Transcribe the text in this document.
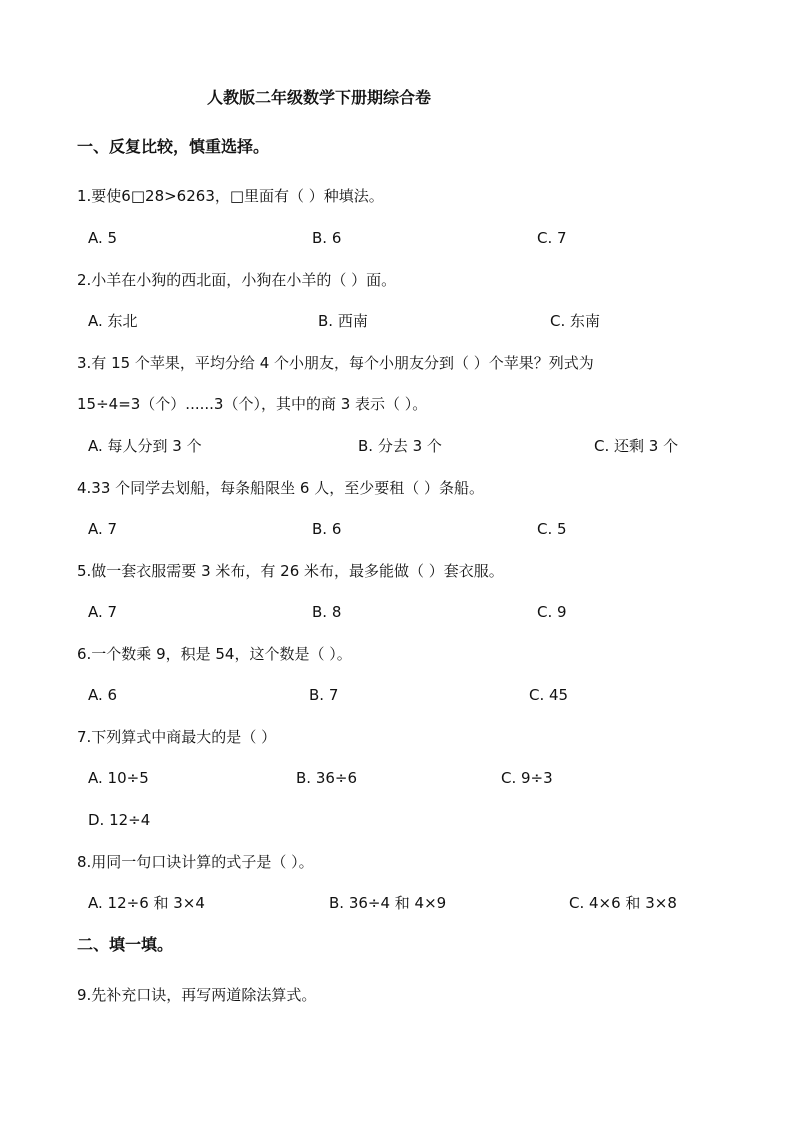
人教版二年级数学下册期综合卷
一、反复比较，慎重选择。
1.要使6□28>6263，□里面有（ ）种填法。
A. 5	B. 6	C. 7
2.小羊在小狗的西北面，小狗在小羊的（ ）面。
A. 东北	B. 西南	C. 东南
3.有 15 个苹果，平均分给 4 个小朋友，每个小朋友分到（ ）个苹果？列式为
15÷4=3（个）......3（个），其中的商 3 表示（ ）。
A. 每人分到 3 个	B. 分去 3 个	C. 还剩 3 个
4.33 个同学去划船，每条船限坐 6 人，至少要租（ ）条船。
A. 7	B. 6	C. 5
5.做一套衣服需要 3 米布，有 26 米布，最多能做（ ）套衣服。
A. 7	B. 8	C. 9
6.一个数乘 9，积是 54，这个数是（ ）。
A. 6	B. 7	C. 45
7.下列算式中商最大的是（ ）
A. 10÷5	B. 36÷6	C. 9÷3
D. 12÷4
8.用同一句口诀计算的式子是（ ）。
A. 12÷6 和 3×4	B. 36÷4 和 4×9	C. 4×6 和 3×8
二、填一填。
9.先补充口诀，再写两道除法算式。
